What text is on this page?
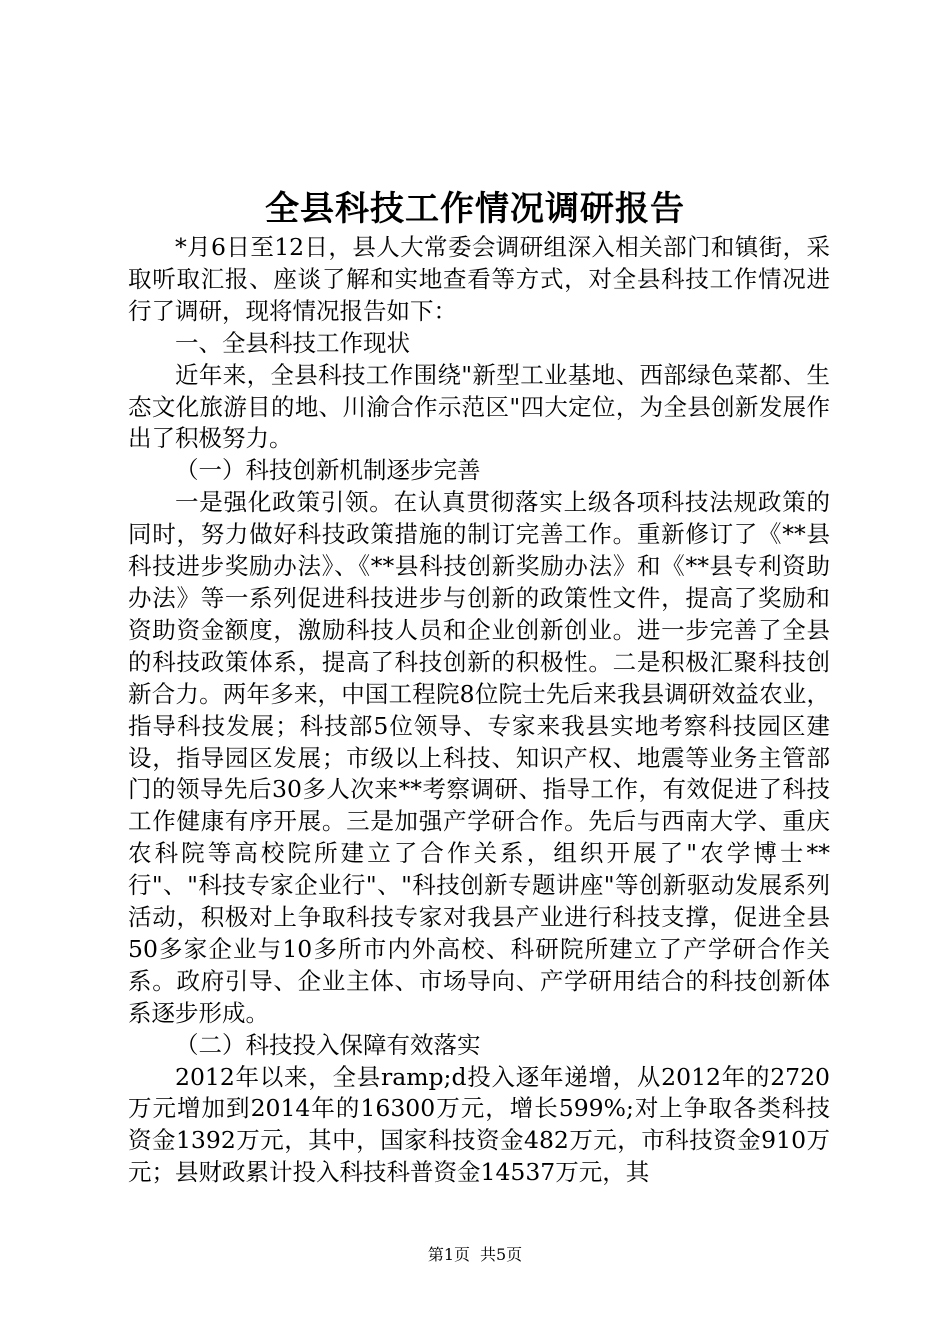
全县科技工作情况调研报告

*月6日至12日，县人大常委会调研组深入相关部门和镇街，采取听取汇报、座谈了解和实地查看等方式，对全县科技工作情况进行了调研，现将情况报告如下：

一、全县科技工作现状

近年来，全县科技工作围绕"新型工业基地、西部绿色菜都、生态文化旅游目的地、川渝合作示范区"四大定位，为全县创新发展作出了积极努力。

（一）科技创新机制逐步完善

一是强化政策引领。在认真贯彻落实上级各项科技法规政策的同时，努力做好科技政策措施的制订完善工作。重新修订了《**县科技进步奖励办法》、《**县科技创新奖励办法》和《**县专利资助办法》等一系列促进科技进步与创新的政策性文件，提高了奖励和资助资金额度，激励科技人员和企业创新创业。进一步完善了全县的科技政策体系，提高了科技创新的积极性。二是积极汇聚科技创新合力。两年多来，中国工程院8位院士先后来我县调研效益农业，指导科技发展；科技部5位领导、专家来我县实地考察科技园区建设，指导园区发展；市级以上科技、知识产权、地震等业务主管部门的领导先后30多人次来**考察调研、指导工作，有效促进了科技工作健康有序开展。三是加强产学研合作。先后与西南大学、重庆农科院等高校院所建立了合作关系，组织开展了"农学博士**行"、"科技专家企业行"、"科技创新专题讲座"等创新驱动发展系列活动，积极对上争取科技专家对我县产业进行科技支撑，促进全县50多家企业与10多所市内外高校、科研院所建立了产学研合作关系。政府引导、企业主体、市场导向、产学研用结合的科技创新体系逐步形成。

（二）科技投入保障有效落实

2012年以来，全县ramp;d投入逐年递增，从2012年的2720万元增加到2014年的16300万元，增长599%;对上争取各类科技资金1392万元，其中，国家科技资金482万元，市科技资金910万元；县财政累计投入科技科普资金14537万元，其

第1页 共5页
